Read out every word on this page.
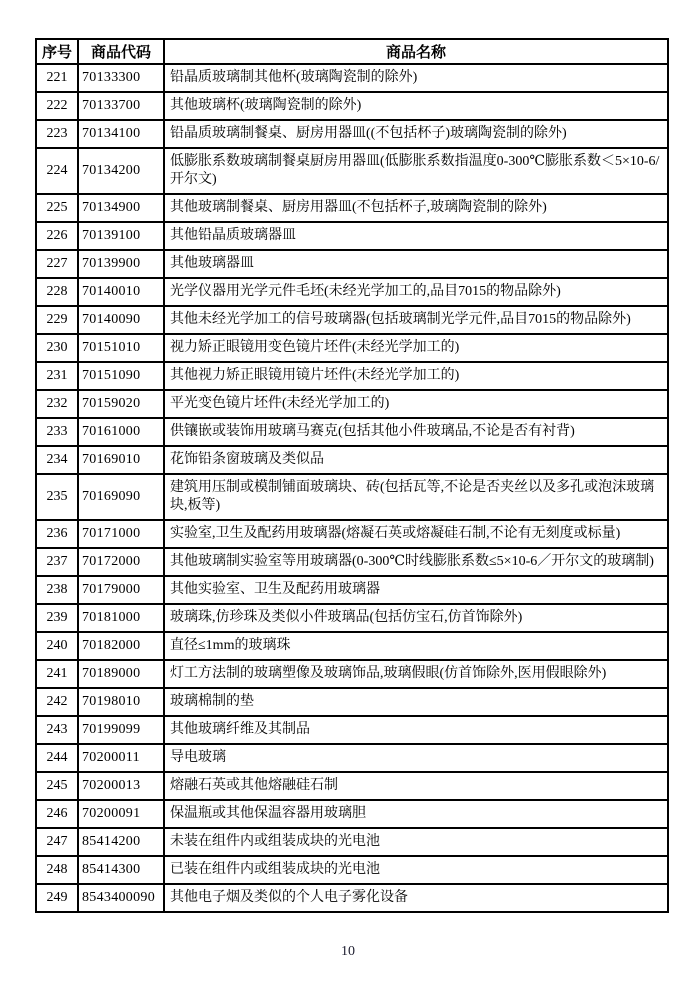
序号	商品代码	商品名称
221	70133300	铅晶质玻璃制其他杯(玻璃陶瓷制的除外)
222	70133700	其他玻璃杯(玻璃陶瓷制的除外)
223	70134100	铅晶质玻璃制餐桌、厨房用器皿((不包括杯子)玻璃陶瓷制的除外)
224	70134200	低膨胀系数玻璃制餐桌厨房用器皿(低膨胀系数指温度0-300℃膨胀系数＜5×10-6/开尔文)
225	70134900	其他玻璃制餐桌、厨房用器皿(不包括杯子,玻璃陶瓷制的除外)
226	70139100	其他铅晶质玻璃器皿
227	70139900	其他玻璃器皿
228	70140010	光学仪器用光学元件毛坯(未经光学加工的,品目7015的物品除外)
229	70140090	其他未经光学加工的信号玻璃器(包括玻璃制光学元件,品目7015的物品除外)
230	70151010	视力矫正眼镜用变色镜片坯件(未经光学加工的)
231	70151090	其他视力矫正眼镜用镜片坯件(未经光学加工的)
232	70159020	平光变色镜片坯件(未经光学加工的)
233	70161000	供镶嵌或装饰用玻璃马赛克(包括其他小件玻璃品,不论是否有衬背)
234	70169010	花饰铅条窗玻璃及类似品
235	70169090	建筑用压制或模制铺面玻璃块、砖(包括瓦等,不论是否夹丝以及多孔或泡沫玻璃块,板等)
236	70171000	实验室,卫生及配药用玻璃器(熔凝石英或熔凝硅石制,不论有无刻度或标量)
237	70172000	其他玻璃制实验室等用玻璃器(0-300℃时线膨胀系数≤5×10-6／开尔文的玻璃制)
238	70179000	其他实验室、卫生及配药用玻璃器
239	70181000	玻璃珠,仿珍珠及类似小件玻璃品(包括仿宝石,仿首饰除外)
240	70182000	直径≤1mm的玻璃珠
241	70189000	灯工方法制的玻璃塑像及玻璃饰品,玻璃假眼(仿首饰除外,医用假眼除外)
242	70198010	玻璃棉制的垫
243	70199099	其他玻璃纤维及其制品
244	70200011	导电玻璃
245	70200013	熔融石英或其他熔融硅石制
246	70200091	保温瓶或其他保温容器用玻璃胆
247	85414200	未装在组件内或组装成块的光电池
248	85414300	已装在组件内或组装成块的光电池
249	8543400090	其他电子烟及类似的个人电子雾化设备
10
